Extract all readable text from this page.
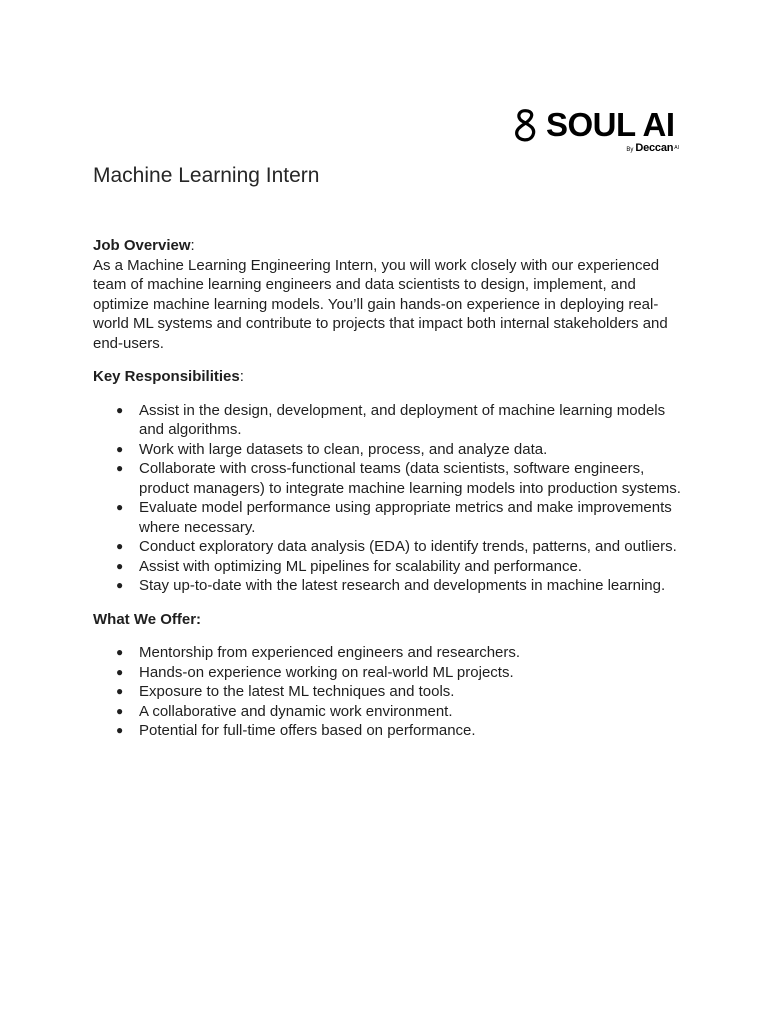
SOUL AI
By Deccan$^{AI}$
Machine Learning Intern

Job Overview:

As a Machine Learning Engineering Intern, you will work closely with our experienced team of machine learning engineers and data scientists to design, implement, and optimize machine learning models. You’ll gain hands-on experience in deploying real-world ML systems and contribute to projects that impact both internal stakeholders and end-users.

Key Responsibilities:

● Assist in the design, development, and deployment of machine learning models and algorithms.
● Work with large datasets to clean, process, and analyze data.
● Collaborate with cross-functional teams (data scientists, software engineers, product managers) to integrate machine learning models into production systems.
● Evaluate model performance using appropriate metrics and make improvements where necessary.
● Conduct exploratory data analysis (EDA) to identify trends, patterns, and outliers.
● Assist with optimizing ML pipelines for scalability and performance.
● Stay up-to-date with the latest research and developments in machine learning.

What We Offer:

● Mentorship from experienced engineers and researchers.
● Hands-on experience working on real-world ML projects.
● Exposure to the latest ML techniques and tools.
● A collaborative and dynamic work environment.
● Potential for full-time offers based on performance.
